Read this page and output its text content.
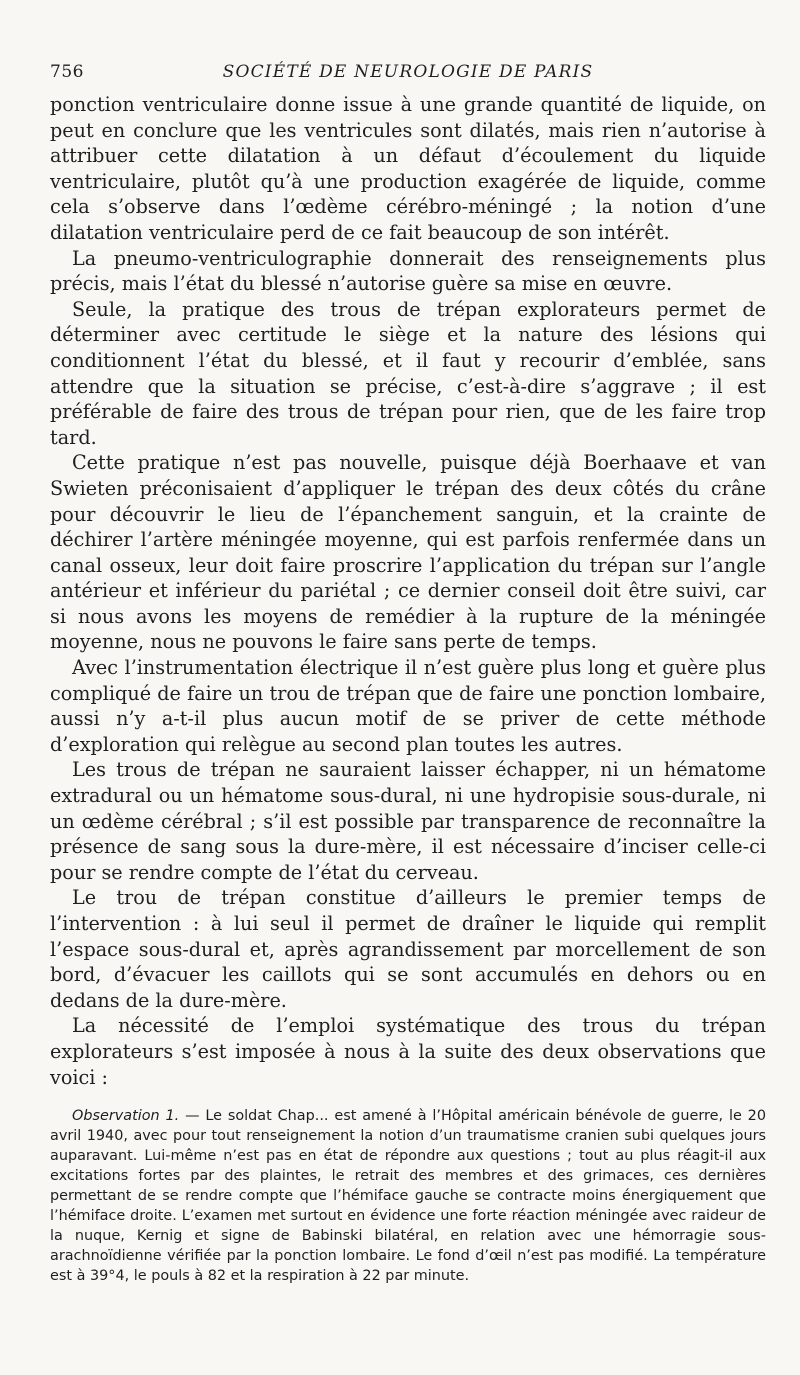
756	SOCIÉTÉ DE NEUROLOGIE DE PARIS

ponction ventriculaire donne issue à une grande quantité de liquide, on peut en conclure que les ventricules sont dilatés, mais rien n’autorise à attribuer cette dilatation à un défaut d’écoulement du liquide ventriculaire, plutôt qu’à une production exagérée de liquide, comme cela s’observe dans l’œdème cérébro-méningé ; la notion d’une dilatation ventriculaire perd de ce fait beaucoup de son intérêt.

La pneumo-ventriculographie donnerait des renseignements plus précis, mais l’état du blessé n’autorise guère sa mise en œuvre.

Seule, la pratique des trous de trépan explorateurs permet de déterminer avec certitude le siège et la nature des lésions qui conditionnent l’état du blessé, et il faut y recourir d’emblée, sans attendre que la situation se précise, c’est-à-dire s’aggrave ; il est préférable de faire des trous de trépan pour rien, que de les faire trop tard.

Cette pratique n’est pas nouvelle, puisque déjà Boerhaave et van Swieten préconisaient d’appliquer le trépan des deux côtés du crâne pour découvrir le lieu de l’épanchement sanguin, et la crainte de déchirer l’artère méningée moyenne, qui est parfois renfermée dans un canal osseux, leur doit faire proscrire l’application du trépan sur l’angle antérieur et inférieur du pariétal ; ce dernier conseil doit être suivi, car si nous avons les moyens de remédier à la rupture de la méningée moyenne, nous ne pouvons le faire sans perte de temps.

Avec l’instrumentation électrique il n’est guère plus long et guère plus compliqué de faire un trou de trépan que de faire une ponction lombaire, aussi n’y a-t-il plus aucun motif de se priver de cette méthode d’exploration qui relègue au second plan toutes les autres.

Les trous de trépan ne sauraient laisser échapper, ni un hématome extradural ou un hématome sous-dural, ni une hydropisie sous-durale, ni un œdème cérébral ; s’il est possible par transparence de reconnaître la présence de sang sous la dure-mère, il est nécessaire d’inciser celle-ci pour se rendre compte de l’état du cerveau.

Le trou de trépan constitue d’ailleurs le premier temps de l’intervention : à lui seul il permet de draîner le liquide qui remplit l’espace sous-dural et, après agrandissement par morcellement de son bord, d’évacuer les caillots qui se sont accumulés en dehors ou en dedans de la dure-mère.

La nécessité de l’emploi systématique des trous du trépan explorateurs s’est imposée à nous à la suite des deux observations que voici :

Observation 1. — Le soldat Chap... est amené à l’Hôpital américain bénévole de guerre, le 20 avril 1940, avec pour tout renseignement la notion d’un traumatisme cranien subi quelques jours auparavant. Lui-même n’est pas en état de répondre aux questions ; tout au plus réagit-il aux excitations fortes par des plaintes, le retrait des membres et des grimaces, ces dernières permettant de se rendre compte que l’hémiface gauche se contracte moins énergiquement que l’hémiface droite. L’examen met surtout en évidence une forte réaction méningée avec raideur de la nuque, Kernig et signe de Babinski bilatéral, en relation avec une hémorragie sous-arachnoïdienne vérifiée par la ponction lombaire. Le fond d’œil n’est pas modifié. La température est à 39°4, le pouls à 82 et la respiration à 22 par minute.
